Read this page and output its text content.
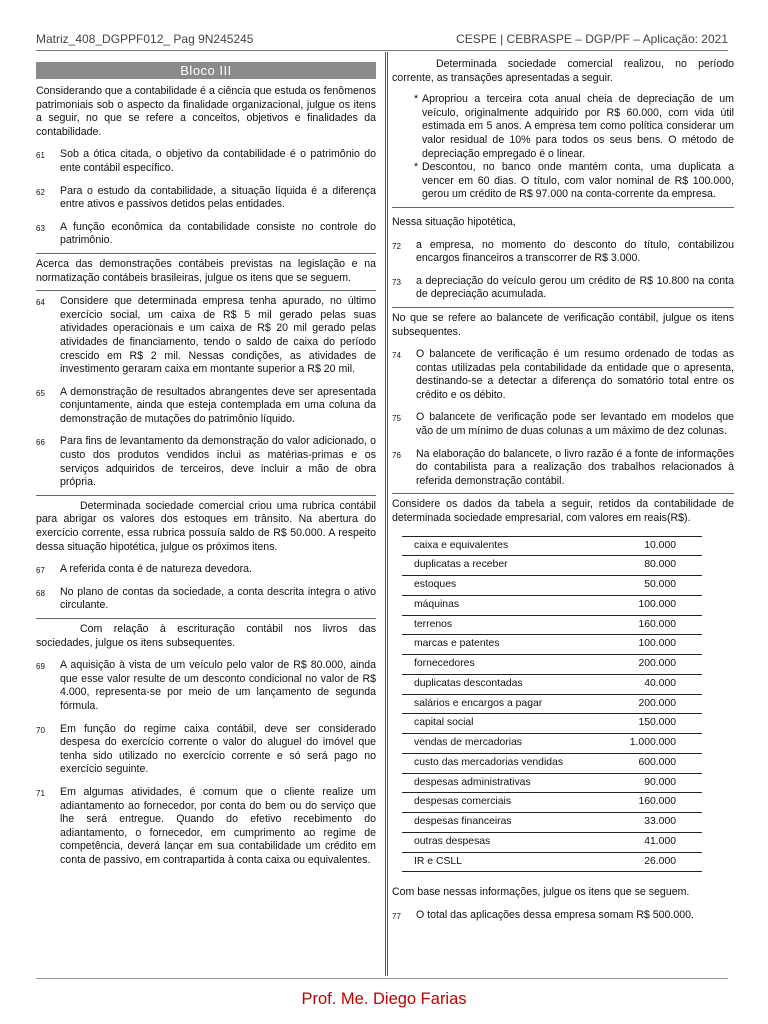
Matriz_408_DGPPF012_ Pag 9N245245	CESPE | CEBRASPE – DGP/PF – Aplicação: 2021
Bloco III

Considerando que a contabilidade é a ciência que estuda os fenômenos patrimoniais sob o aspecto da finalidade organizacional, julgue os itens a seguir, no que se refere a conceitos, objetivos e finalidades da contabilidade.

61 Sob a ótica citada, o objetivo da contabilidade é o patrimônio do ente contábil específico.
62 Para o estudo da contabilidade, a situação líquida é a diferença entre ativos e passivos detidos pelas entidades.
63 A função econômica da contabilidade consiste no controle do patrimônio.

Acerca das demonstrações contábeis previstas na legislação e na normatização contábeis brasileiras, julgue os itens que se seguem.

64 Considere que determinada empresa tenha apurado, no último exercício social, um caixa de R$ 5 mil gerado pelas suas atividades operacionais e um caixa de R$ 20 mil gerado pelas atividades de financiamento, tendo o saldo de caixa do período crescido em R$ 2 mil. Nessas condições, as atividades de investimento geraram caixa em montante superior a R$ 20 mil.
65 A demonstração de resultados abrangentes deve ser apresentada conjuntamente, ainda que esteja contemplada em uma coluna da demonstração de mutações do patrimônio líquido.
66 Para fins de levantamento da demonstração do valor adicionado, o custo dos produtos vendidos inclui as matérias-primas e os serviços adquiridos de terceiros, deve incluir a mão de obra própria.

Determinada sociedade comercial criou uma rubrica contábil para abrigar os valores dos estoques em trânsito. Na abertura do exercício corrente, essa rubrica possuía saldo de R$ 50.000. A respeito dessa situação hipotética, julgue os próximos itens.

67 A referida conta é de natureza devedora.
68 No plano de contas da sociedade, a conta descrita integra o ativo circulante.

Com relação à escrituração contábil nos livros das sociedades, julgue os itens subsequentes.

69 A aquisição à vista de um veículo pelo valor de R$ 80.000, ainda que esse valor resulte de um desconto condicional no valor de R$ 4.000, representa-se por meio de um lançamento de segunda fórmula.
70 Em função do regime caixa contábil, deve ser considerado despesa do exercício corrente o valor do aluguel do imóvel que tenha sido utilizado no exercício corrente e só será pago no exercício seguinte.
71 Em algumas atividades, é comum que o cliente realize um adiantamento ao fornecedor, por conta do bem ou do serviço que lhe será entregue. Quando do efetivo recebimento do adiantamento, o fornecedor, em cumprimento ao regime de competência, deverá lançar em sua contabilidade um crédito em conta de passivo, em contrapartida à conta caixa ou equivalentes.

Determinada sociedade comercial realizou, no período corrente, as transações apresentadas a seguir.

* Apropriou a terceira cota anual cheia de depreciação de um veículo, originalmente adquirido por R$ 60.000, com vida útil estimada em 5 anos. A empresa tem como política considerar um valor residual de 10% para todos os seus bens. O método de depreciação empregado é o linear.
* Descontou, no banco onde mantém conta, uma duplicata a vencer em 60 dias. O título, com valor nominal de R$ 100.000, gerou um crédito de R$ 97.000 na conta-corrente da empresa.

Nessa situação hipotética,

72 a empresa, no momento do desconto do título, contabilizou encargos financeiros a transcorrer de R$ 3.000.
73 a depreciação do veículo gerou um crédito de R$ 10.800 na conta de depreciação acumulada.

No que se refere ao balancete de verificação contábil, julgue os itens subsequentes.

74 O balancete de verificação é um resumo ordenado de todas as contas utilizadas pela contabilidade da entidade que o apresenta, destinando-se a detectar a diferença do somatório total entre os crédito e os débito.
75 O balancete de verificação pode ser levantado em modelos que vão de um mínimo de duas colunas a um máximo de dez colunas.
76 Na elaboração do balancete, o livro razão é a fonte de informações do contabilista para a realização dos trabalhos relacionados à referida demonstração contábil.

Considere os dados da tabela a seguir, retidos da contabilidade de determinada sociedade empresarial, com valores em reais(R$).

caixa e equivalentes	10.000
duplicatas a receber	80.000
estoques	50.000
máquinas	100.000
terrenos	160.000
marcas e patentes	100.000
fornecedores	200.000
duplicatas descontadas	40.000
salários e encargos a pagar	200.000
capital social	150.000
vendas de mercadorias	1.000.000
custo das mercadorias vendidas	600.000
despesas administrativas	90.000
despesas comerciais	160.000
despesas financeiras	33.000
outras despesas	41.000
IR e CSLL	26.000

Com base nessas informações, julgue os itens que se seguem.

77 O total das aplicações dessa empresa somam R$ 500.000.
Prof. Me. Diego Farias
